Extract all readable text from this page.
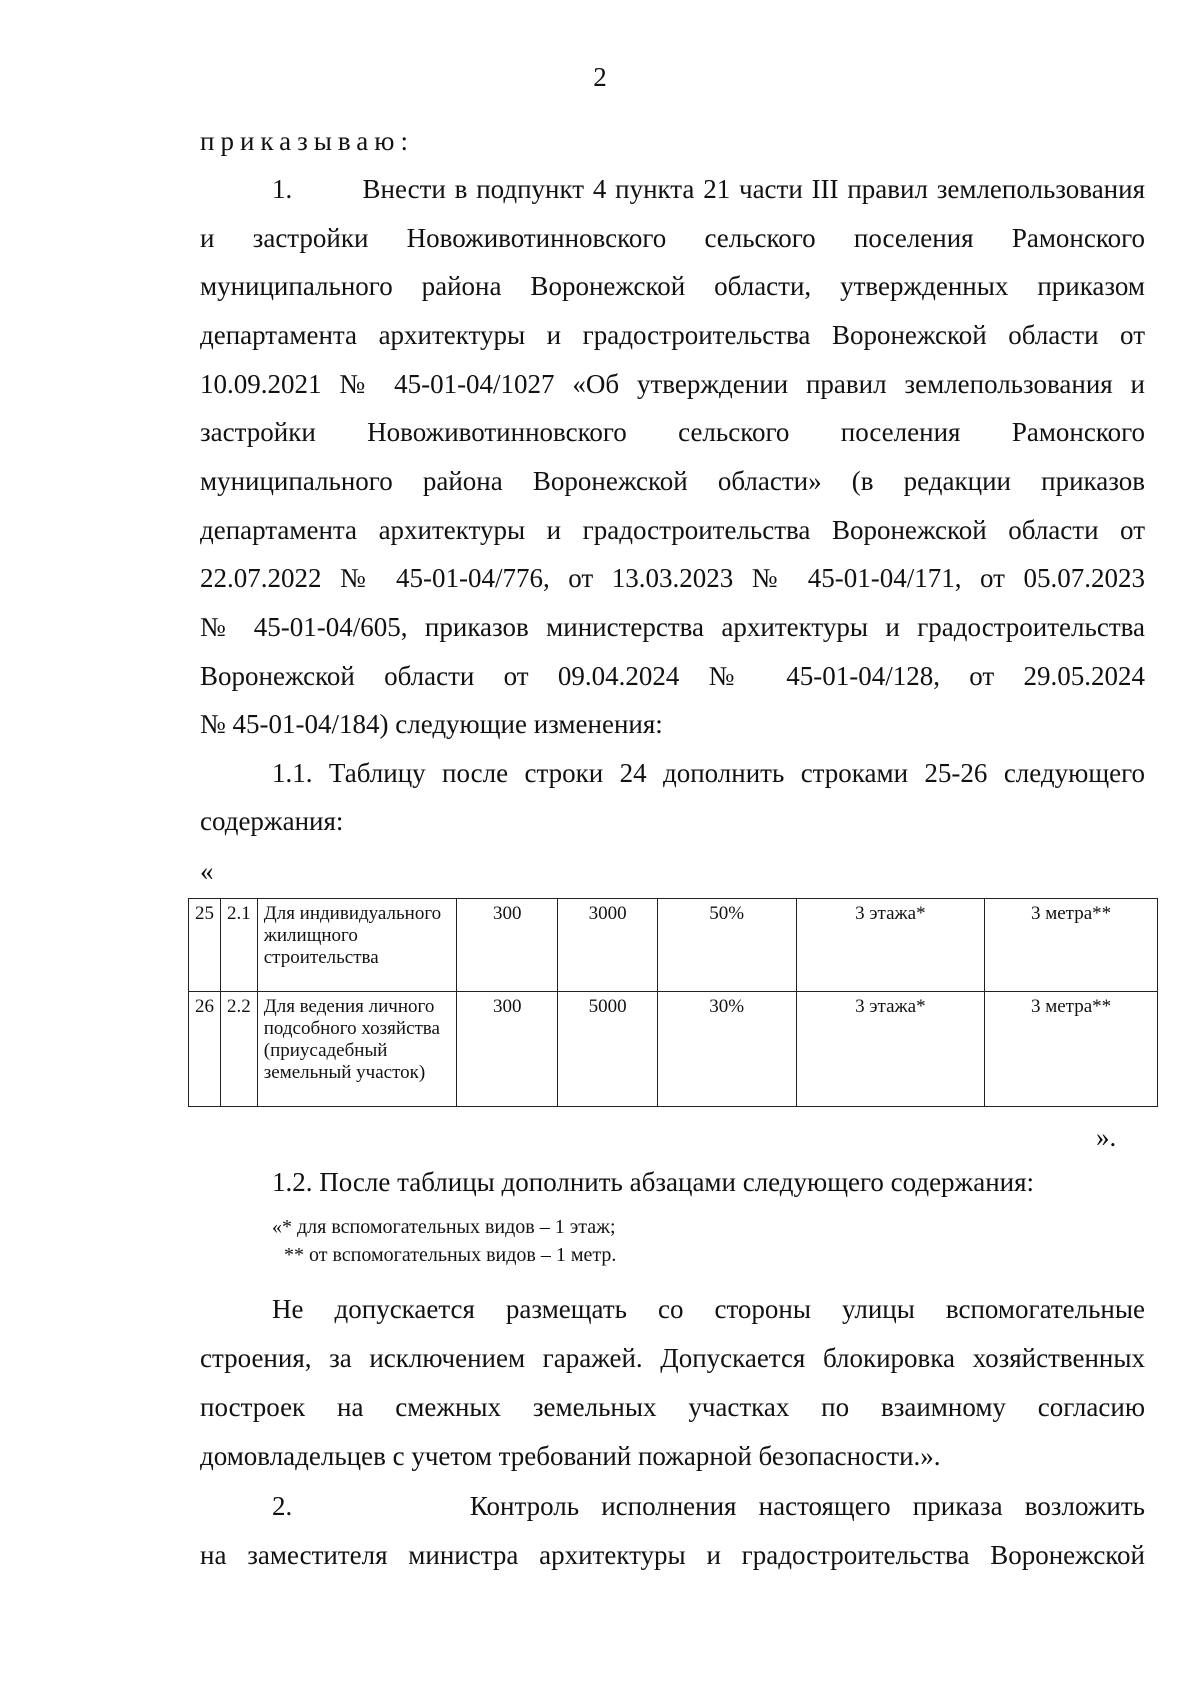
2
приказываю:
1.        Внести в подпункт 4 пункта 21 части III правил землепользования
и застройки Новоживотинновского сельского поселения Рамонского
муниципального района Воронежской области, утвержденных приказом
департамента архитектуры и градостроительства Воронежской области от
10.09.2021 № 45-01-04/1027 «Об утверждении правил землепользования и
застройки Новоживотинновского сельского поселения Рамонского
муниципального района Воронежской области» (в редакции приказов
департамента архитектуры и градостроительства Воронежской области от
22.07.2022 № 45-01-04/776, от 13.03.2023 № 45-01-04/171, от 05.07.2023
№ 45-01-04/605, приказов министерства архитектуры и градостроительства
Воронежской области от 09.04.2024 № 45-01-04/128, от 29.05.2024
№ 45-01-04/184) следующие изменения:
1.1. Таблицу после строки 24 дополнить строками 25-26 следующего
содержания:
«
25	2.1	Для индивидуального жилищного строительства	300	3000	50%	3 этажа*	3 метра**
26	2.2	Для ведения личного подсобного хозяйства (приусадебный земельный участок)	300	5000	30%	3 этажа*	3 метра**
».
1.2. После таблицы дополнить абзацами следующего содержания:
«* для вспомогательных видов – 1 этаж;
** от вспомогательных видов – 1 метр.
Не допускается размещать со стороны улицы вспомогательные
строения, за исключением гаражей. Допускается блокировка хозяйственных
построек на смежных земельных участках по взаимному согласию
домовладельцев с учетом требований пожарной безопасности.».
2.        Контроль исполнения настоящего приказа возложить
на заместителя министра архитектуры и градостроительства Воронежской
